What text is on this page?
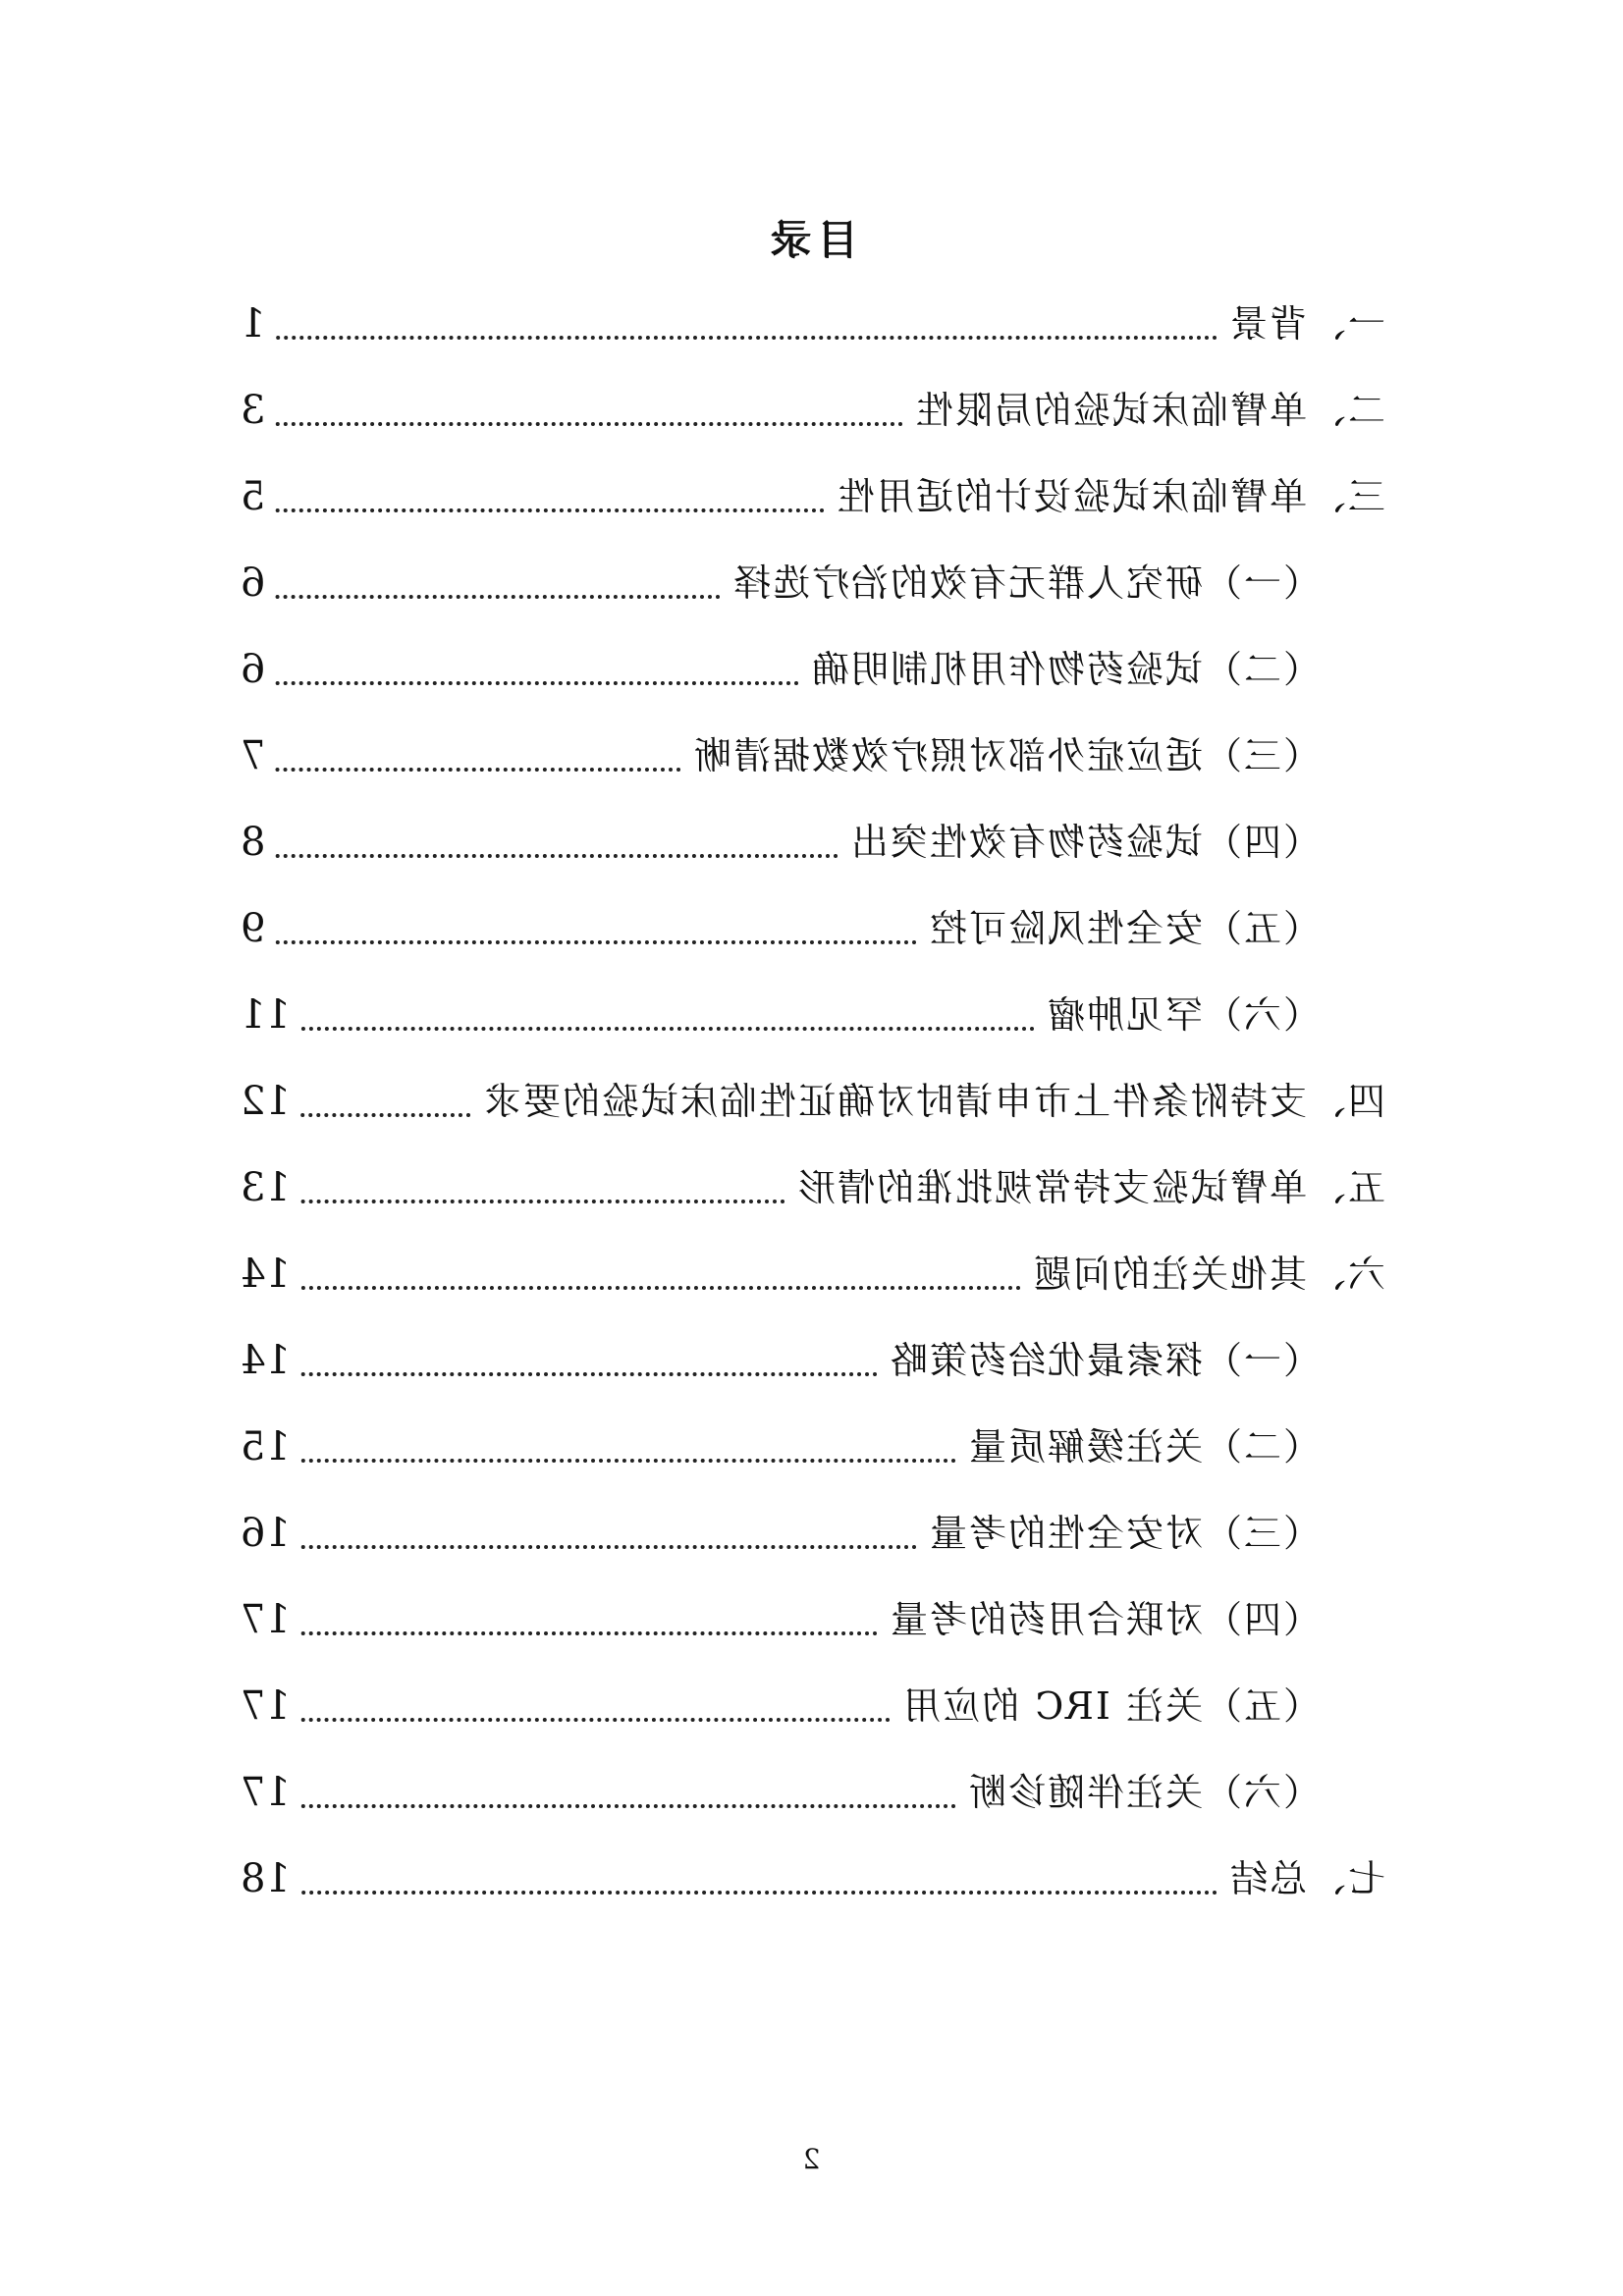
目录
一、背景
1
二、单臂临床试验的局限性
3
三、单臂临床试验设计的适用性
5
（一）研究人群无有效的治疗选择
6
（二）试验药物作用机制明确
6
（三）适应症外部对照疗效数据清晰
7
（四）试验药物有效性突出
8
（五）安全性风险可控
9
（六）罕见肿瘤
11
四、支持附条件上市申请时对确证性临床试验的要求
12
五、单臂试验支持常规批准的情形
13
六、其他关注的问题
14
（一）探索最优给药策略
14
（二）关注缓解质量
15
（三）对安全性的考量
16
（四）对联合用药的考量
17
（五）关注 IRC 的应用
17
（六）关注伴随诊断
17
七、总结
18
2
